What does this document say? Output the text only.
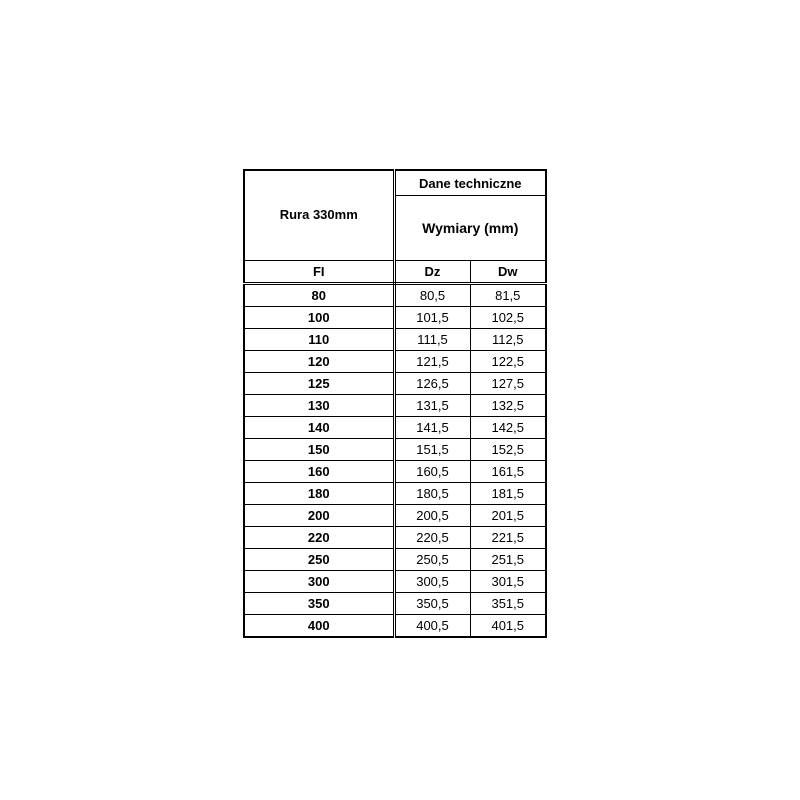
Rura 330mm	Dane techniczne	
	Wymiary (mm)	
FI	Dz	Dw
80	80,5	81,5
100	101,5	102,5
110	111,5	112,5
120	121,5	122,5
125	126,5	127,5
130	131,5	132,5
140	141,5	142,5
150	151,5	152,5
160	160,5	161,5
180	180,5	181,5
200	200,5	201,5
220	220,5	221,5
250	250,5	251,5
300	300,5	301,5
350	350,5	351,5
400	400,5	401,5
